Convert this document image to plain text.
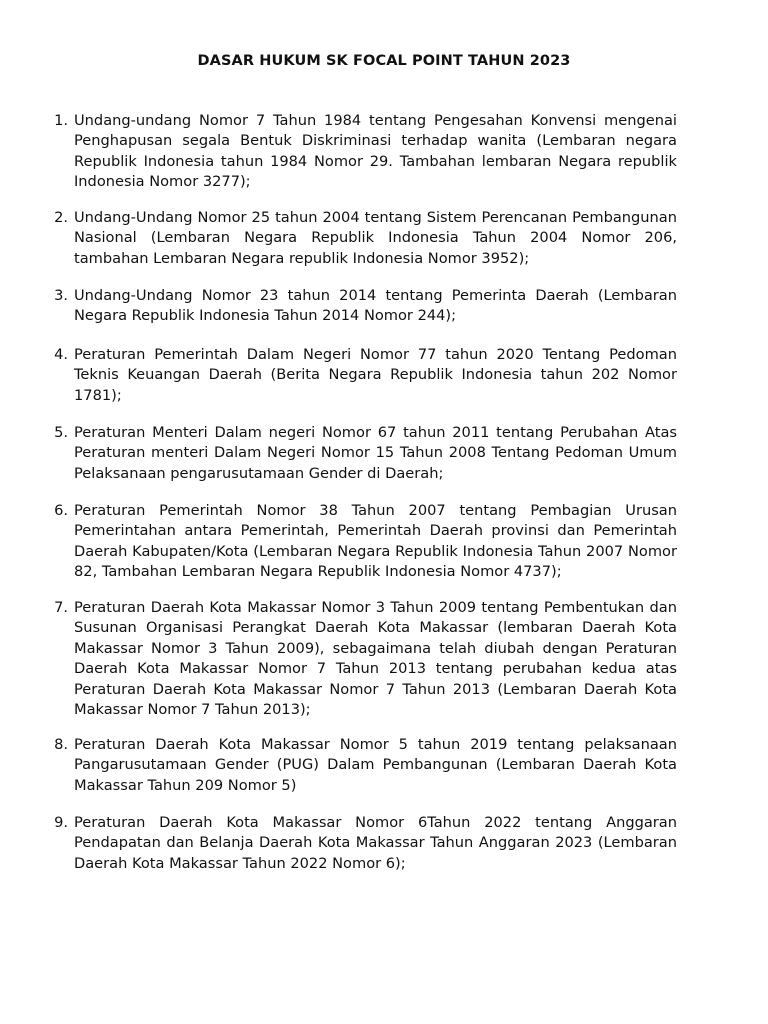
DASAR HUKUM SK FOCAL POINT TAHUN 2023
1. Undang-undang Nomor 7 Tahun 1984 tentang Pengesahan Konvensi mengenai Penghapusan segala Bentuk Diskriminasi terhadap wanita (Lembaran negara Republik Indonesia tahun 1984 Nomor 29. Tambahan lembaran Negara republik Indonesia Nomor 3277);
2. Undang-Undang Nomor 25 tahun 2004 tentang Sistem Perencanan Pembangunan Nasional (Lembaran Negara Republik Indonesia Tahun 2004 Nomor 206, tambahan Lembaran Negara republik Indonesia Nomor 3952);
3. Undang-Undang Nomor 23 tahun 2014 tentang Pemerinta Daerah (Lembaran Negara Republik Indonesia Tahun 2014 Nomor 244);
4. Peraturan Pemerintah Dalam Negeri Nomor 77 tahun 2020 Tentang Pedoman Teknis Keuangan Daerah (Berita Negara Republik Indonesia tahun 202 Nomor 1781);
5. Peraturan Menteri Dalam negeri Nomor 67 tahun 2011 tentang Perubahan Atas Peraturan menteri Dalam Negeri Nomor 15 Tahun 2008 Tentang Pedoman Umum Pelaksanaan pengarusutamaan Gender di Daerah;
6. Peraturan Pemerintah Nomor 38 Tahun 2007 tentang Pembagian Urusan Pemerintahan antara Pemerintah, Pemerintah Daerah provinsi dan Pemerintah Daerah Kabupaten/Kota (Lembaran Negara Republik Indonesia Tahun 2007 Nomor 82, Tambahan Lembaran Negara Republik Indonesia Nomor 4737);
7. Peraturan Daerah Kota Makassar Nomor 3 Tahun 2009 tentang Pembentukan dan Susunan Organisasi Perangkat Daerah Kota Makassar (lembaran Daerah Kota Makassar Nomor 3 Tahun 2009), sebagaimana telah diubah dengan Peraturan Daerah Kota Makassar Nomor 7 Tahun 2013 tentang perubahan kedua atas Peraturan Daerah Kota Makassar Nomor 7 Tahun 2013 (Lembaran Daerah Kota Makassar Nomor 7 Tahun 2013);
8. Peraturan Daerah Kota Makassar Nomor 5 tahun 2019 tentang pelaksanaan Pangarusutamaan Gender (PUG) Dalam Pembangunan (Lembaran Daerah Kota Makassar Tahun 209 Nomor 5)
9. Peraturan Daerah Kota Makassar Nomor 6Tahun 2022 tentang Anggaran Pendapatan dan Belanja Daerah Kota Makassar Tahun Anggaran 2023 (Lembaran Daerah Kota Makassar Tahun 2022 Nomor 6);
